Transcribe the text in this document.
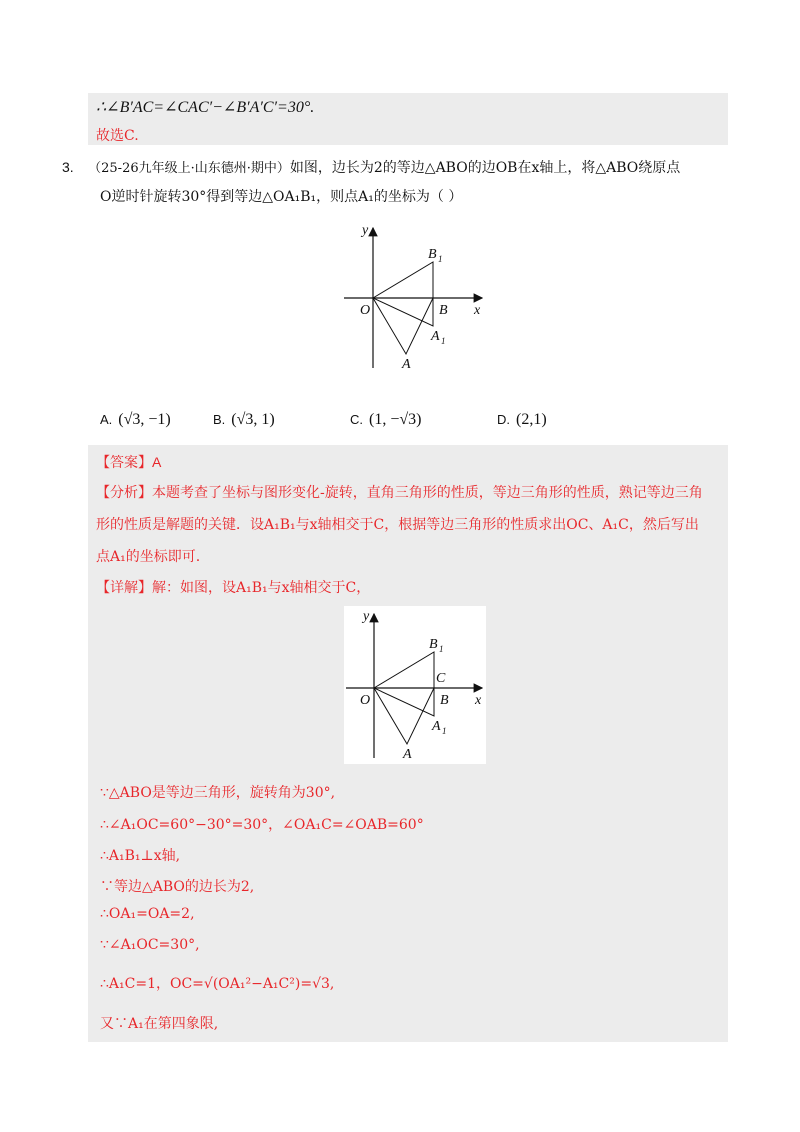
∴∠B′AC=∠CAC′−∠B′A′C′=30°.
故选C.
3. （25-26九年级上·山东德州·期中）如图，边长为2的等边△ABO的边OB在x轴上，将△ABO绕原点
O逆时针旋转30°得到等边△OA₁B₁，则点A₁的坐标为（ ）
y
x
O	B
B 1
A 1
A
A. (√3, −1)	B. (√3, 1)	C. (1, −√3)	D. (2,1)
【答案】A
【分析】本题考查了坐标与图形变化-旋转，直角三角形的性质，等边三角形的性质，熟记等边三角
形的性质是解题的关键．设A₁B₁与x轴相交于C，根据等边三角形的性质求出OC、A₁C，然后写出
点A₁的坐标即可.
【详解】解：如图，设A₁B₁与x轴相交于C，
y
x
O	B
C
B 1
A 1
A
∵△ABO是等边三角形，旋转角为30°,
∴∠A₁OC=60°−30°=30°，∠OA₁C=∠OAB=60°
∴A₁B₁⊥x轴,
∵等边△ABO的边长为2,
∴OA₁=OA=2,
∵∠A₁OC=30°,
∴A₁C=1，OC=√(OA₁²−A₁C²)=√3,
又∵A₁在第四象限,
